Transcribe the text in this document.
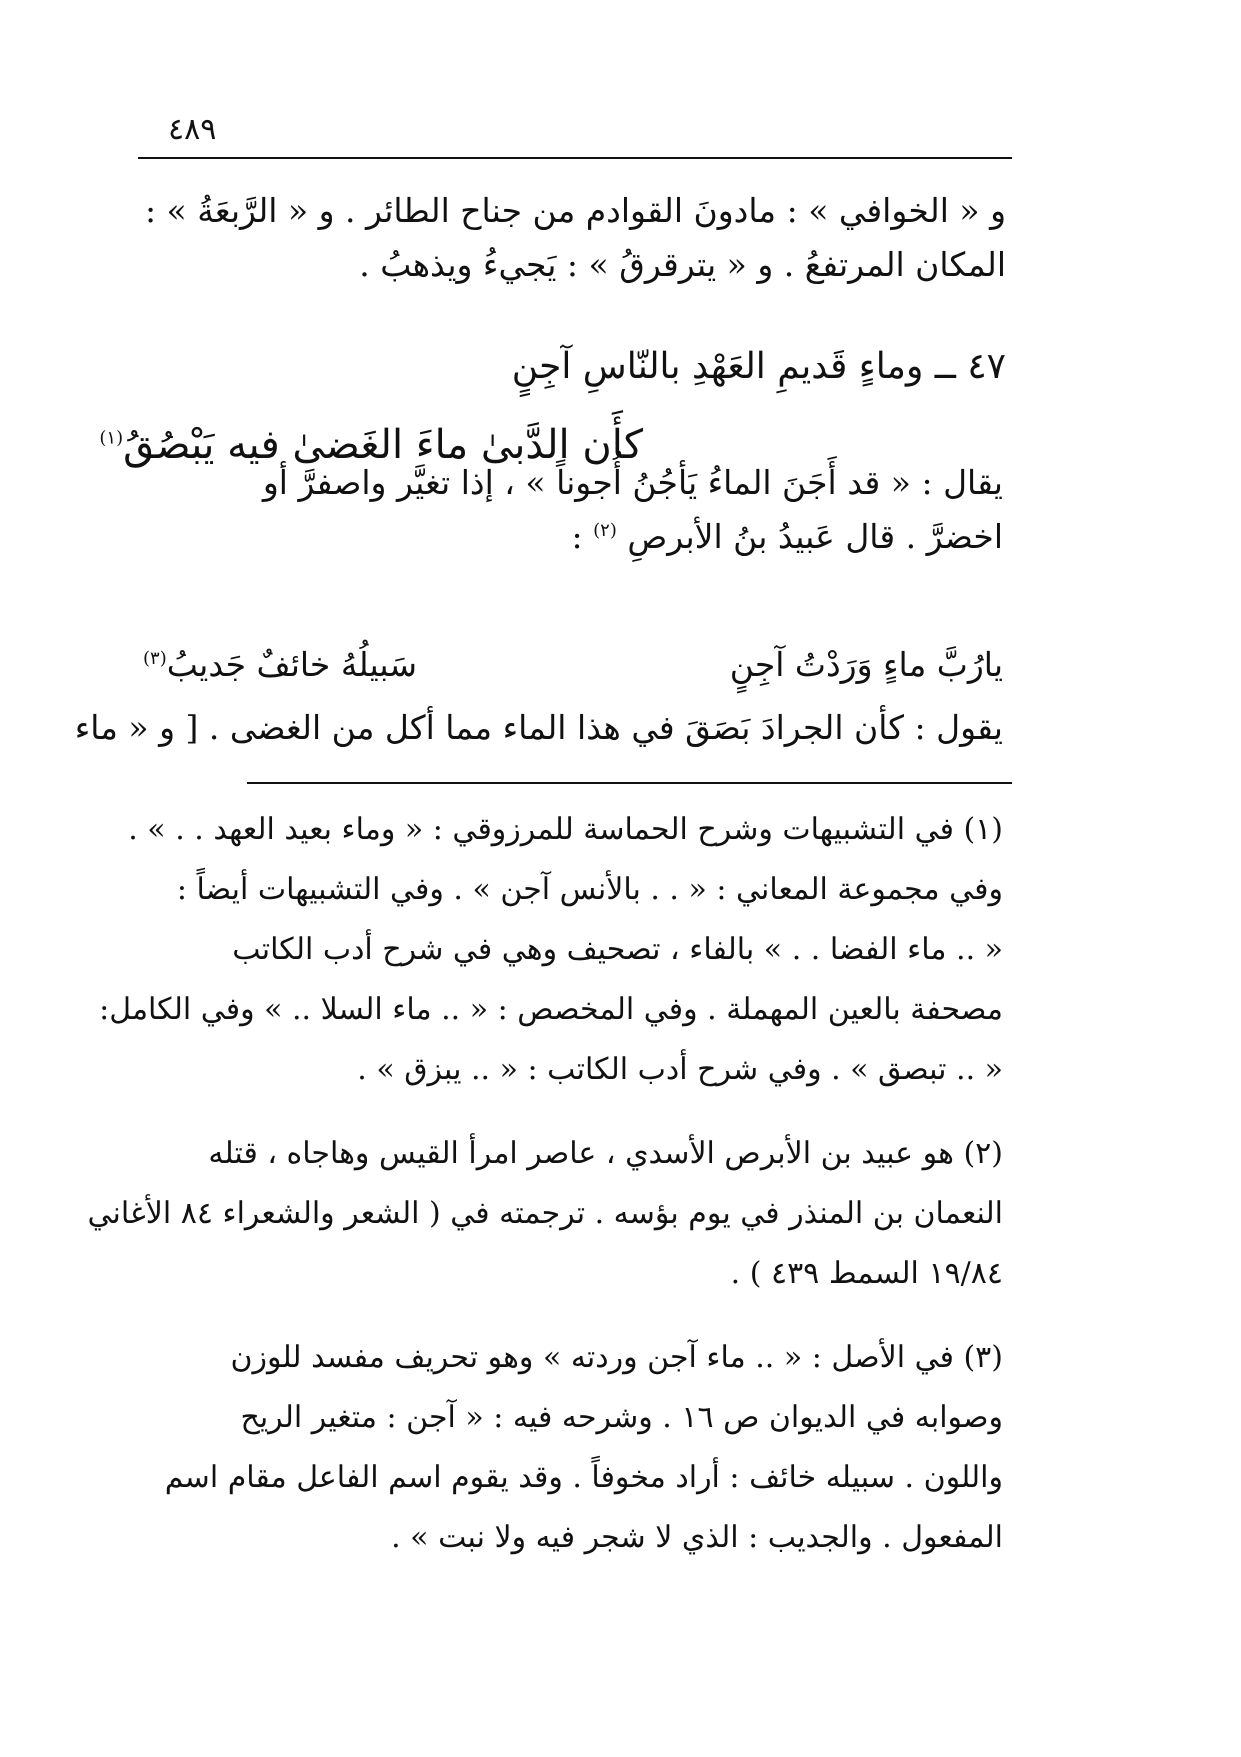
٤٨٩
و « الخوافي » : مادونَ القوادم من جناح الطائر . و « الرَّبعَةُ » :
المكان المرتفعُ . و « يترقرقُ » : يَجيءُ ويذهبُ .
٤٧ ــ وماءٍ قَديمِ العَهْدِ بالنّاسِ آجِنٍ
كأَن الدَّبىٰ ماءَ الغَضىٰ فيه يَبْصُقُ$^{(١)}$
يقال : « قد أَجَنَ الماءُ يَأجُنُ أُجوناً » ، إذا تغيَّر واصفرَّ أو
اخضرَّ . قال عَبيدُ بنُ الأبرصِ $^{(٢)}$ :
يارُبَّ ماءٍ وَرَدْتُ آجِنٍ
سَبيلُهُ خائفٌ جَديبُ$^{(٣)}$
يقول : كأن الجرادَ بَصَقَ في هذا الماء مما أكل من الغضى . [ و « ماء
(١) في التشبيهات وشرح الحماسة للمرزوقي : « وماء بعيد العهد . . » .
وفي مجموعة المعاني : « . . بالأنس آجن » . وفي التشبيهات أيضاً :
« .. ماء الفضا . . » بالفاء ، تصحيف وهي في شرح أدب الكاتب
مصحفة بالعين المهملة . وفي المخصص : « .. ماء السلا .. » وفي الكامل:
« .. تبصق » . وفي شرح أدب الكاتب : « .. يبزق » .
(٢) هو عبيد بن الأبرص الأسدي ، عاصر امرأ القيس وهاجاه ، قتله
النعمان بن المنذر في يوم بؤسه . ترجمته في ( الشعر والشعراء ٨٤ الأغاني
١٩/٨٤ السمط ٤٣٩ ) .
(٣) في الأصل : « .. ماء آجن وردته » وهو تحريف مفسد للوزن
وصوابه في الديوان ص ١٦ . وشرحه فيه : « آجن : متغير الريح
واللون . سبيله خائف : أراد مخوفاً . وقد يقوم اسم الفاعل مقام اسم
المفعول . والجديب : الذي لا شجر فيه ولا نبت » .
